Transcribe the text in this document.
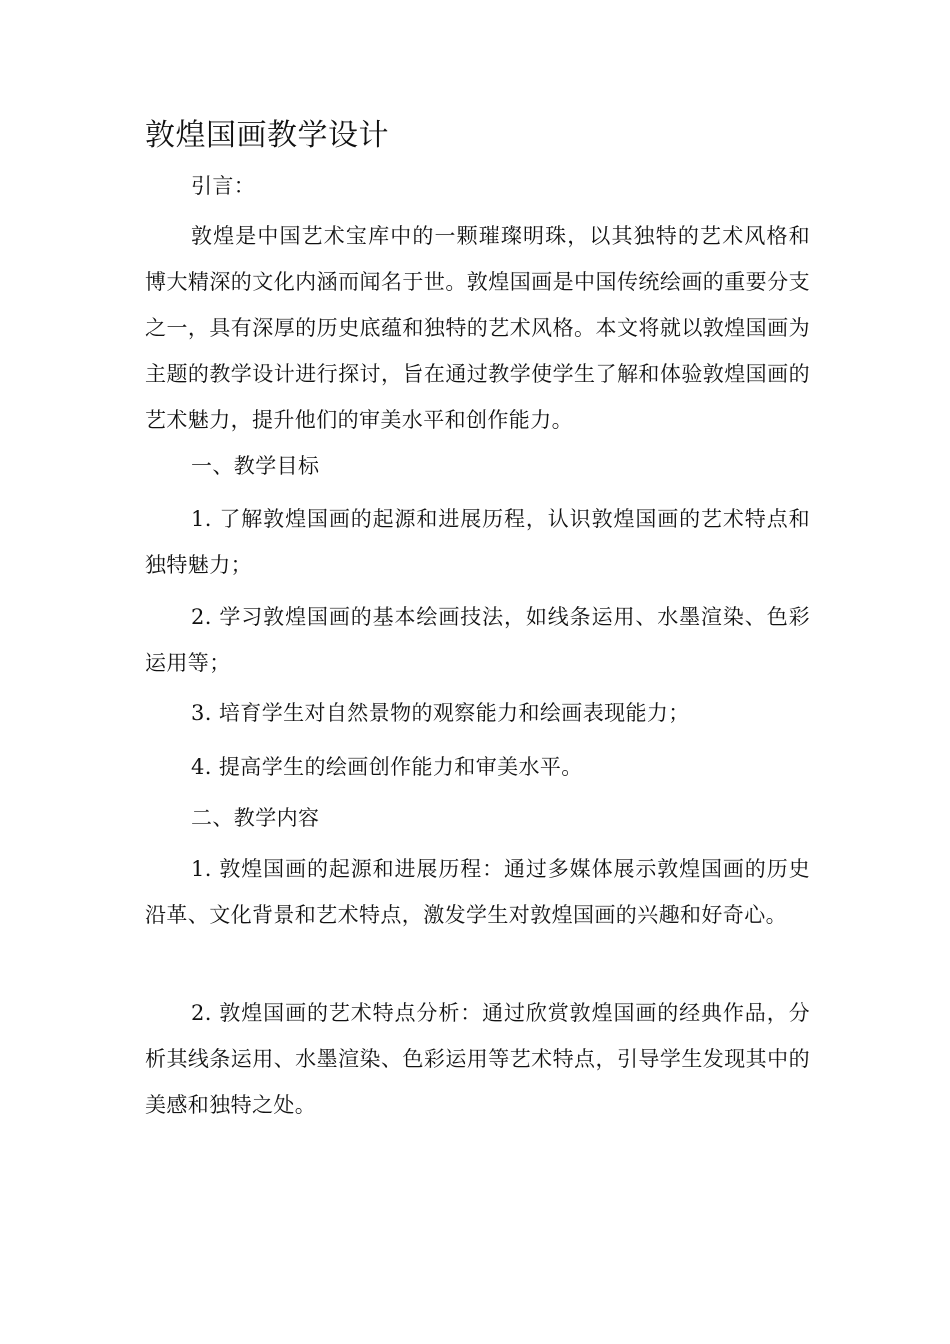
敦煌国画教学设计

引言：

敦煌是中国艺术宝库中的一颗璀璨明珠，以其独特的艺术风格和博大精深的文化内涵而闻名于世。敦煌国画是中国传统绘画的重要分支之一，具有深厚的历史底蕴和独特的艺术风格。本文将就以敦煌国画为主题的教学设计进行探讨，旨在通过教学使学生了解和体验敦煌国画的艺术魅力，提升他们的审美水平和创作能力。

一、教学目标

1. 了解敦煌国画的起源和进展历程，认识敦煌国画的艺术特点和独特魅力；

2. 学习敦煌国画的基本绘画技法，如线条运用、水墨渲染、色彩运用等；

3. 培育学生对自然景物的观察能力和绘画表现能力；

4. 提高学生的绘画创作能力和审美水平。

二、教学内容

1. 敦煌国画的起源和进展历程：通过多媒体展示敦煌国画的历史沿革、文化背景和艺术特点，激发学生对敦煌国画的兴趣和好奇心。

2. 敦煌国画的艺术特点分析：通过欣赏敦煌国画的经典作品，分析其线条运用、水墨渲染、色彩运用等艺术特点，引导学生发现其中的美感和独特之处。
